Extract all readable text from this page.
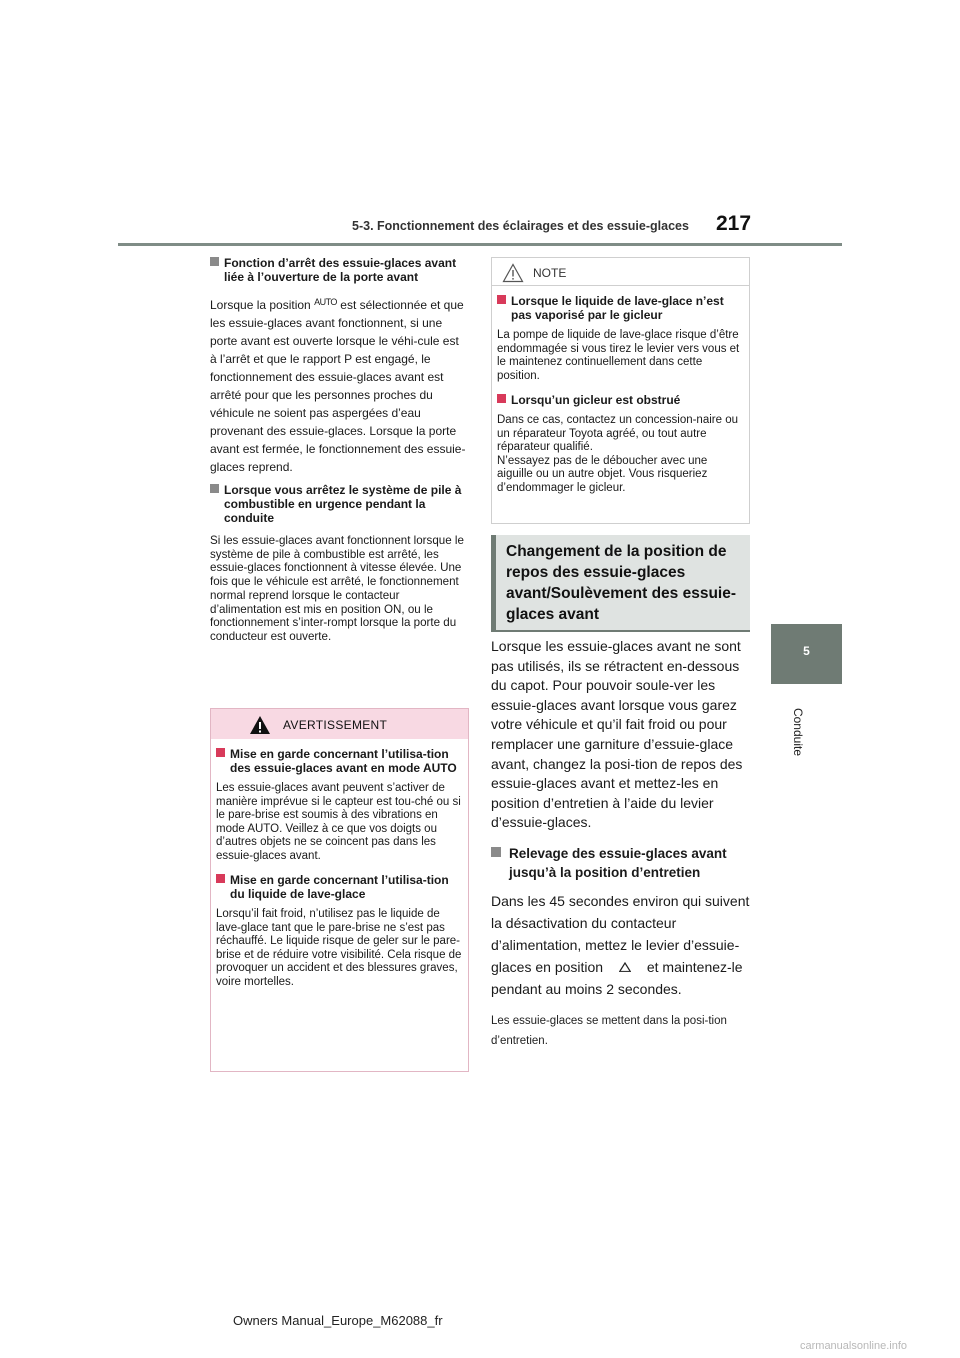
5-3. Fonctionnement des éclairages et des essuie-glaces 217
5
Conduite
Fonction d’arrêt des essuie-glaces avant liée à l’ouverture de la porte avant

Lorsque la position $^{AUTO}$ est sélectionnée et que les essuie-glaces avant fonctionnent, si une porte avant est ouverte lorsque le véhi-cule est à l’arrêt et que le rapport P est engagé, le fonctionnement des essuie-glaces avant est arrêté pour que les personnes proches du véhicule ne soient pas aspergées d’eau provenant des essuie-glaces. Lorsque la porte avant est fermée, le fonctionnement des essuie-glaces reprend.

Lorsque vous arrêtez le système de pile à combustible en urgence pendant la conduite

Si les essuie-glaces avant fonctionnent lorsque le système de pile à combustible est arrêté, les essuie-glaces fonctionnent à vitesse élevée. Une fois que le véhicule est arrêté, le fonctionnement normal reprend lorsque le contacteur d’alimentation est mis en position ON, ou le fonctionnement s’inter-rompt lorsque la porte du conducteur est ouverte.

AVERTISSEMENT
Mise en garde concernant l’utilisa-tion des essuie-glaces avant en mode AUTO

Les essuie-glaces avant peuvent s’activer de manière imprévue si le capteur est tou-ché ou si le pare-brise est soumis à des vibrations en mode AUTO. Veillez à ce que vos doigts ou d’autres objets ne se coincent pas dans les essuie-glaces avant.

Mise en garde concernant l’utilisa-tion du liquide de lave-glace

Lorsqu’il fait froid, n’utilisez pas le liquide de lave-glace tant que le pare-brise ne s’est pas réchauffé. Le liquide risque de geler sur le pare-brise et de réduire votre visibilité. Cela risque de provoquer un accident et des blessures graves, voire mortelles.

NOTE
Lorsque le liquide de lave-glace n’est pas vaporisé par le gicleur

La pompe de liquide de lave-glace risque d’être endommagée si vous tirez le levier vers vous et le maintenez continuellement dans cette position.

Lorsqu’un gicleur est obstrué

Dans ce cas, contactez un concession-naire ou un réparateur Toyota agréé, ou tout autre réparateur qualifié.

N’essayez pas de le déboucher avec une aiguille ou un autre objet. Vous risqueriez d’endommager le gicleur.

Changement de la position de repos des essuie-glaces avant/Soulèvement des essuie-glaces avant

Lorsque les essuie-glaces avant ne sont pas utilisés, ils se rétractent en-dessous du capot. Pour pouvoir soule-ver les essuie-glaces avant lorsque vous garez votre véhicule et qu’il fait froid ou pour remplacer une garniture d’essuie-glace avant, changez la posi-tion de repos des essuie-glaces avant et mettez-les en position d’entretien à l’aide du levier d’essuie-glaces.

Relevage des essuie-glaces avant jusqu’à la position d’entretien

Dans les 45 secondes environ qui suivent la désactivation du contacteur d’alimentation, mettez le levier d’essuie-glaces en position	et maintenez-le pendant au moins 2 secondes.

Les essuie-glaces se mettent dans la posi-tion d’entretien.

Owners Manual_Europe_M62088_fr
carmanualsonline.info
